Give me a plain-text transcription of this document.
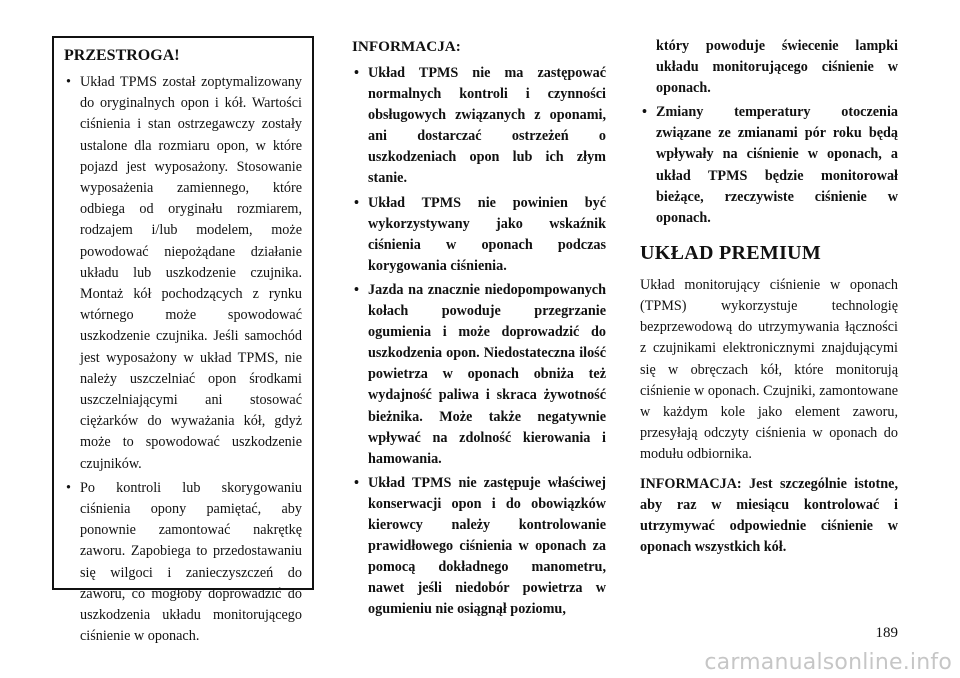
PRZESTROGA!
• Układ TPMS został zoptymalizowany do oryginalnych opon i kół. Wartości ciśnienia i stan ostrzegawczy zostały ustalone dla rozmiaru opon, w które pojazd jest wyposażony. Stosowanie wyposażenia zamiennego, które odbiega od oryginału rozmiarem, rodzajem i/lub modelem, może powodować niepożądane działanie układu lub uszkodzenie czujnika. Montaż kół pochodzących z rynku wtórnego może spowodować uszkodzenie czujnika. Jeśli samochód jest wyposażony w układ TPMS, nie należy uszczelniać opon środkami uszczelniającymi ani stosować ciężarków do wyważania kół, gdyż może to spowodować uszkodzenie czujników.
• Po kontroli lub skorygowaniu ciśnienia opony pamiętać, aby ponownie zamontować nakrętkę zaworu. Zapobiega to przedostawaniu się wilgoci i zanieczyszczeń do zaworu, co mogłoby doprowadzić do uszkodzenia układu monitorującego ciśnienie w oponach.
INFORMACJA:
• Układ TPMS nie ma zastępować normalnych kontroli i czynności obsługowych związanych z oponami, ani dostarczać ostrzeżeń o uszkodzeniach opon lub ich złym stanie.
• Układ TPMS nie powinien być wykorzystywany jako wskaźnik ciśnienia w oponach podczas korygowania ciśnienia.
• Jazda na znacznie niedopompowanych kołach powoduje przegrzanie ogumienia i może doprowadzić do uszkodzenia opon. Niedostateczna ilość powietrza w oponach obniża też wydajność paliwa i skraca żywotność bieżnika. Może także negatywnie wpływać na zdolność kierowania i hamowania.
• Układ TPMS nie zastępuje właściwej konserwacji opon i do obowiązków kierowcy należy kontrolowanie prawidłowego ciśnienia w oponach za pomocą dokładnego manometru, nawet jeśli niedobór powietrza w ogumieniu nie osiągnął poziomu,
który powoduje świecenie lampki układu monitorującego ciśnienie w oponach.
• Zmiany temperatury otoczenia związane ze zmianami pór roku będą wpływały na ciśnienie w oponach, a układ TPMS będzie monitorował bieżące, rzeczywiste ciśnienie w oponach.
UKŁAD PREMIUM

Układ monitorujący ciśnienie w oponach (TPMS) wykorzystuje technologię bezprzewodową do utrzymywania łączności z czujnikami elektronicznymi znajdującymi się w obręczach kół, które monitorują ciśnienie w oponach. Czujniki, zamontowane w każdym kole jako element zaworu, przesyłają odczyty ciśnienia w oponach do modułu odbiornika.

INFORMACJA: Jest szczególnie istotne, aby raz w miesiącu kontrolować i utrzymywać odpowiednie ciśnienie w oponach wszystkich kół.

189
carmanualsonline.info
